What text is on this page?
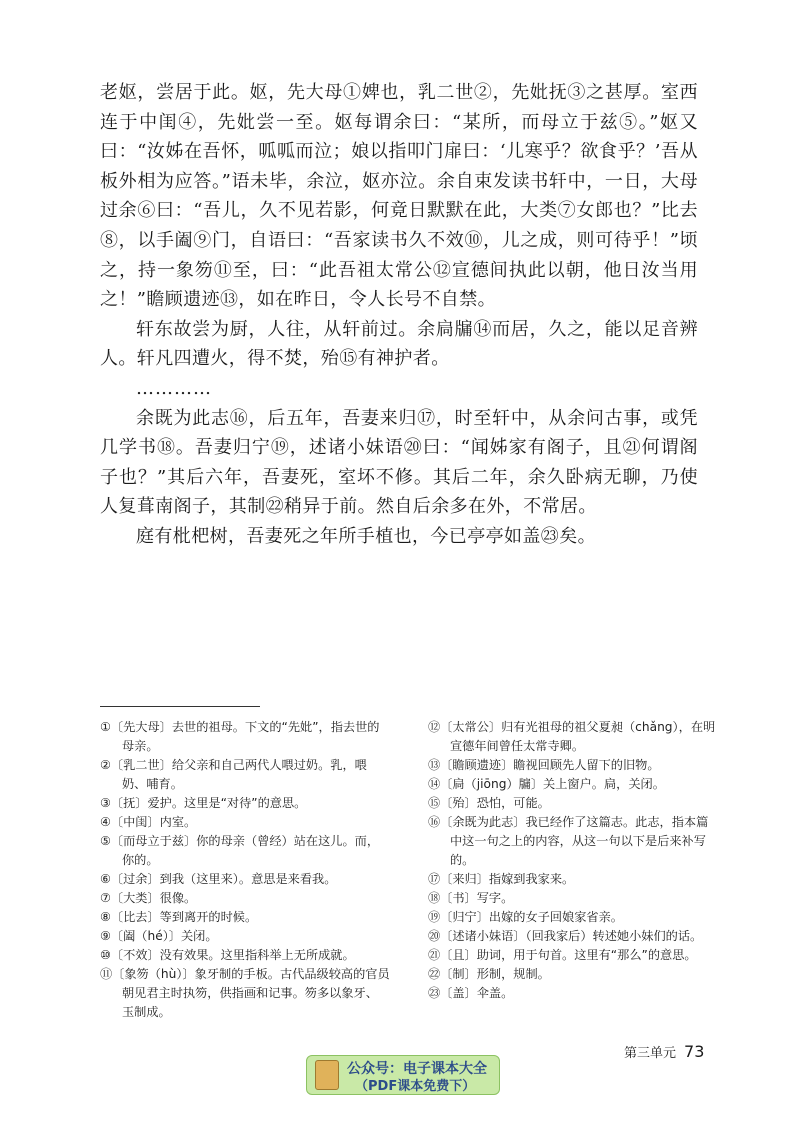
老妪，尝居于此。妪，先大母①婢也，乳二世②，先妣抚③之甚厚。室西连于中闺④，先妣尝一至。妪每谓余曰：“某所，而母立于兹⑤。”妪又曰：“汝姊在吾怀，呱呱而泣；娘以指叩门扉曰：‘儿寒乎？欲食乎？’吾从板外相为应答。”语未毕，余泣，妪亦泣。余自束发读书轩中，一日，大母过余⑥曰：“吾儿，久不见若影，何竟日默默在此，大类⑦女郎也？”比去⑧，以手阖⑨门，自语曰：“吾家读书久不效⑩，儿之成，则可待乎！”顷之，持一象笏⑪至，曰：“此吾祖太常公⑫宣德间执此以朝，他日汝当用之！”瞻顾遗迹⑬，如在昨日，令人长号不自禁。

轩东故尝为厨，人往，从轩前过。余扃牖⑭而居，久之，能以足音辨人。轩凡四遭火，得不焚，殆⑮有神护者。

…………

余既为此志⑯，后五年，吾妻来归⑰，时至轩中，从余问古事，或凭几学书⑱。吾妻归宁⑲，述诸小妹语⑳曰：“闻姊家有阁子，且㉑何谓阁子也？”其后六年，吾妻死，室坏不修。其后二年，余久卧病无聊，乃使人复葺南阁子，其制㉒稍异于前。然自后余多在外，不常居。

庭有枇杷树，吾妻死之年所手植也，今已亭亭如盖㉓矣。

①〔先大母〕去世的祖母。下文的“先妣”，指去世的母亲。

②〔乳二世〕给父亲和自己两代人喂过奶。乳，喂奶、哺育。

③〔抚〕爱护。这里是“对待”的意思。

④〔中闺〕内室。

⑤〔而母立于兹〕你的母亲（曾经）站在这儿。而，你的。

⑥〔过余〕到我（这里来）。意思是来看我。

⑦〔大类〕很像。

⑧〔比去〕等到离开的时候。

⑨〔阖（hé）〕关闭。

⑩〔不效〕没有效果。这里指科举上无所成就。

⑪〔象笏（hù）〕象牙制的手板。古代品级较高的官员朝见君主时执笏，供指画和记事。笏多以象牙、玉制成。

⑫〔太常公〕归有光祖母的祖父夏昶（chǎng），在明宣德年间曾任太常寺卿。

⑬〔瞻顾遗迹〕瞻视回顾先人留下的旧物。

⑭〔扃（jiōng）牖〕关上窗户。扃，关闭。

⑮〔殆〕恐怕，可能。

⑯〔余既为此志〕我已经作了这篇志。此志，指本篇中这一句之上的内容，从这一句以下是后来补写的。

⑰〔来归〕指嫁到我家来。

⑱〔书〕写字。

⑲〔归宁〕出嫁的女子回娘家省亲。

⑳〔述诸小妹语〕（回我家后）转述她小妹们的话。

㉑〔且〕助词，用于句首。这里有“那么”的意思。

㉒〔制〕形制，规制。

㉓〔盖〕伞盖。

第三单元 73
公众号：电子课本大全
（PDF课本免费下）
